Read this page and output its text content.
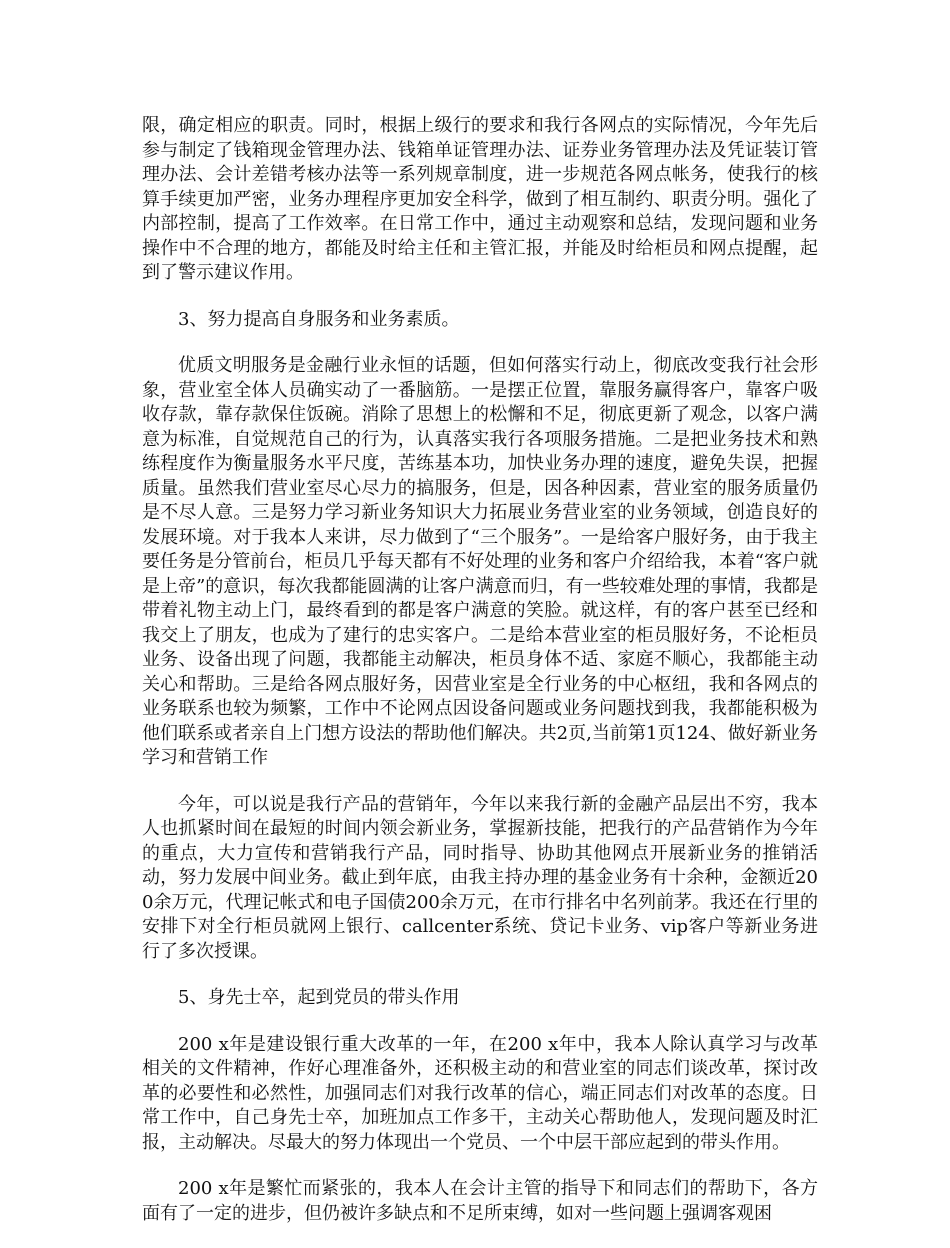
限，确定相应的职责。同时，根据上级行的要求和我行各网点的实际情况，今年先后参与制定了钱箱现金管理办法、钱箱单证管理办法、证券业务管理办法及凭证装订管理办法、会计差错考核办法等一系列规章制度，进一步规范各网点帐务，使我行的核算手续更加严密，业务办理程序更加安全科学，做到了相互制约、职责分明。强化了内部控制，提高了工作效率。在日常工作中，通过主动观察和总结，发现问题和业务操作中不合理的地方，都能及时给主任和主管汇报，并能及时给柜员和网点提醒，起到了警示建议作用。

3、努力提高自身服务和业务素质。

优质文明服务是金融行业永恒的话题，但如何落实行动上，彻底改变我行社会形象，营业室全体人员确实动了一番脑筋。一是摆正位置，靠服务赢得客户，靠客户吸收存款，靠存款保住饭碗。消除了思想上的松懈和不足，彻底更新了观念，以客户满意为标准，自觉规范自己的行为，认真落实我行各项服务措施。二是把业务技术和熟练程度作为衡量服务水平尺度，苦练基本功，加快业务办理的速度，避免失误，把握质量。虽然我们营业室尽心尽力的搞服务，但是，因各种因素，营业室的服务质量仍是不尽人意。三是努力学习新业务知识大力拓展业务营业室的业务领域，创造良好的发展环境。对于我本人来讲，尽力做到了“三个服务”。一是给客户服好务，由于我主要任务是分管前台，柜员几乎每天都有不好处理的业务和客户介绍给我，本着“客户就是上帝”的意识，每次我都能圆满的让客户满意而归，有一些较难处理的事情，我都是带着礼物主动上门，最终看到的都是客户满意的笑脸。就这样，有的客户甚至已经和我交上了朋友，也成为了建行的忠实客户。二是给本营业室的柜员服好务，不论柜员业务、设备出现了问题，我都能主动解决，柜员身体不适、家庭不顺心，我都能主动关心和帮助。三是给各网点服好务，因营业室是全行业务的中心枢纽，我和各网点的业务联系也较为频繁，工作中不论网点因设备问题或业务问题找到我，我都能积极为他们联系或者亲自上门想方设法的帮助他们解决。共2页,当前第1页124、做好新业务学习和营销工作

今年，可以说是我行产品的营销年，今年以来我行新的金融产品层出不穷，我本人也抓紧时间在最短的时间内领会新业务，掌握新技能，把我行的产品营销作为今年的重点，大力宣传和营销我行产品，同时指导、协助其他网点开展新业务的推销活动，努力发展中间业务。截止到年底，由我主持办理的基金业务有十余种，金额近200余万元，代理记帐式和电子国债200余万元，在市行排名中名列前茅。我还在行里的安排下对全行柜员就网上银行、callcenter系统、贷记卡业务、vip客户等新业务进行了多次授课。

5、身先士卒，起到党员的带头作用

200 x年是建设银行重大改革的一年，在200 x年中，我本人除认真学习与改革相关的文件精神，作好心理准备外，还积极主动的和营业室的同志们谈改革，探讨改革的必要性和必然性，加强同志们对我行改革的信心，端正同志们对改革的态度。日常工作中，自己身先士卒，加班加点工作多干，主动关心帮助他人，发现问题及时汇报，主动解决。尽最大的努力体现出一个党员、一个中层干部应起到的带头作用。

200 x年是繁忙而紧张的，我本人在会计主管的指导下和同志们的帮助下，各方面有了一定的进步，但仍被许多缺点和不足所束缚，如对一些问题上强调客观困
